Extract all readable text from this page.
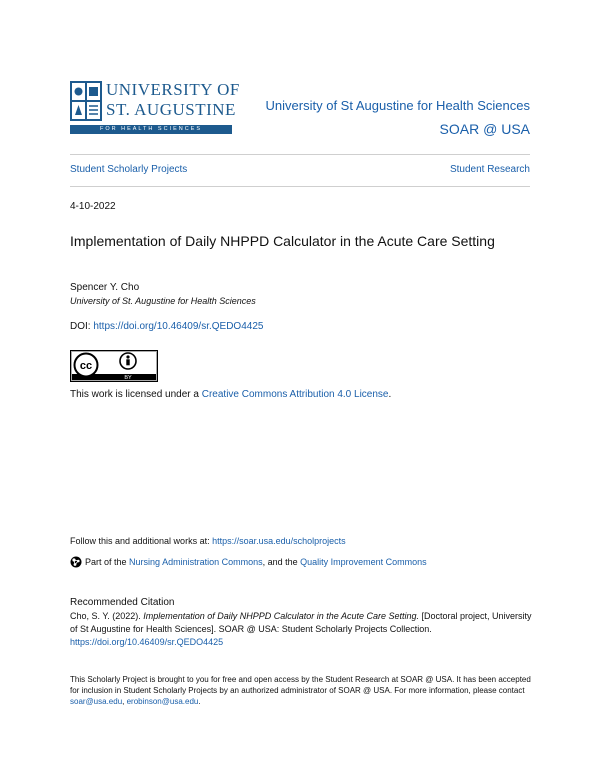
UNIVERSITY OF
ST. AUGUSTINE
FOR HEALTH SCIENCES
University of St Augustine for Health Sciences
SOAR @ USA
Student Scholarly Projects	Student Research
4-10-2022
Implementation of Daily NHPPD Calculator in the Acute Care Setting
Spencer Y. Cho
University of St. Augustine for Health Sciences
DOI: https://doi.org/10.46409/sr.QEDO4425
cc
BY
This work is licensed under a Creative Commons Attribution 4.0 License.
Follow this and additional works at: https://soar.usa.edu/scholprojects
Part of the
Nursing Administration Commons , and the Quality Improvement Commons
Recommended Citation
Cho, S. Y. (2022). Implementation of Daily NHPPD Calculator in the Acute Care Setting. [Doctoral project, University of St Augustine for Health Sciences]. SOAR @ USA: Student Scholarly Projects Collection.
https://doi.org/10.46409/sr.QEDO4425
This Scholarly Project is brought to you for free and open access by the Student Research at SOAR @ USA. It has been accepted for inclusion in Student Scholarly Projects by an authorized administrator of SOAR @ USA. For more information, please contact soar@usa.edu, erobinson@usa.edu.
